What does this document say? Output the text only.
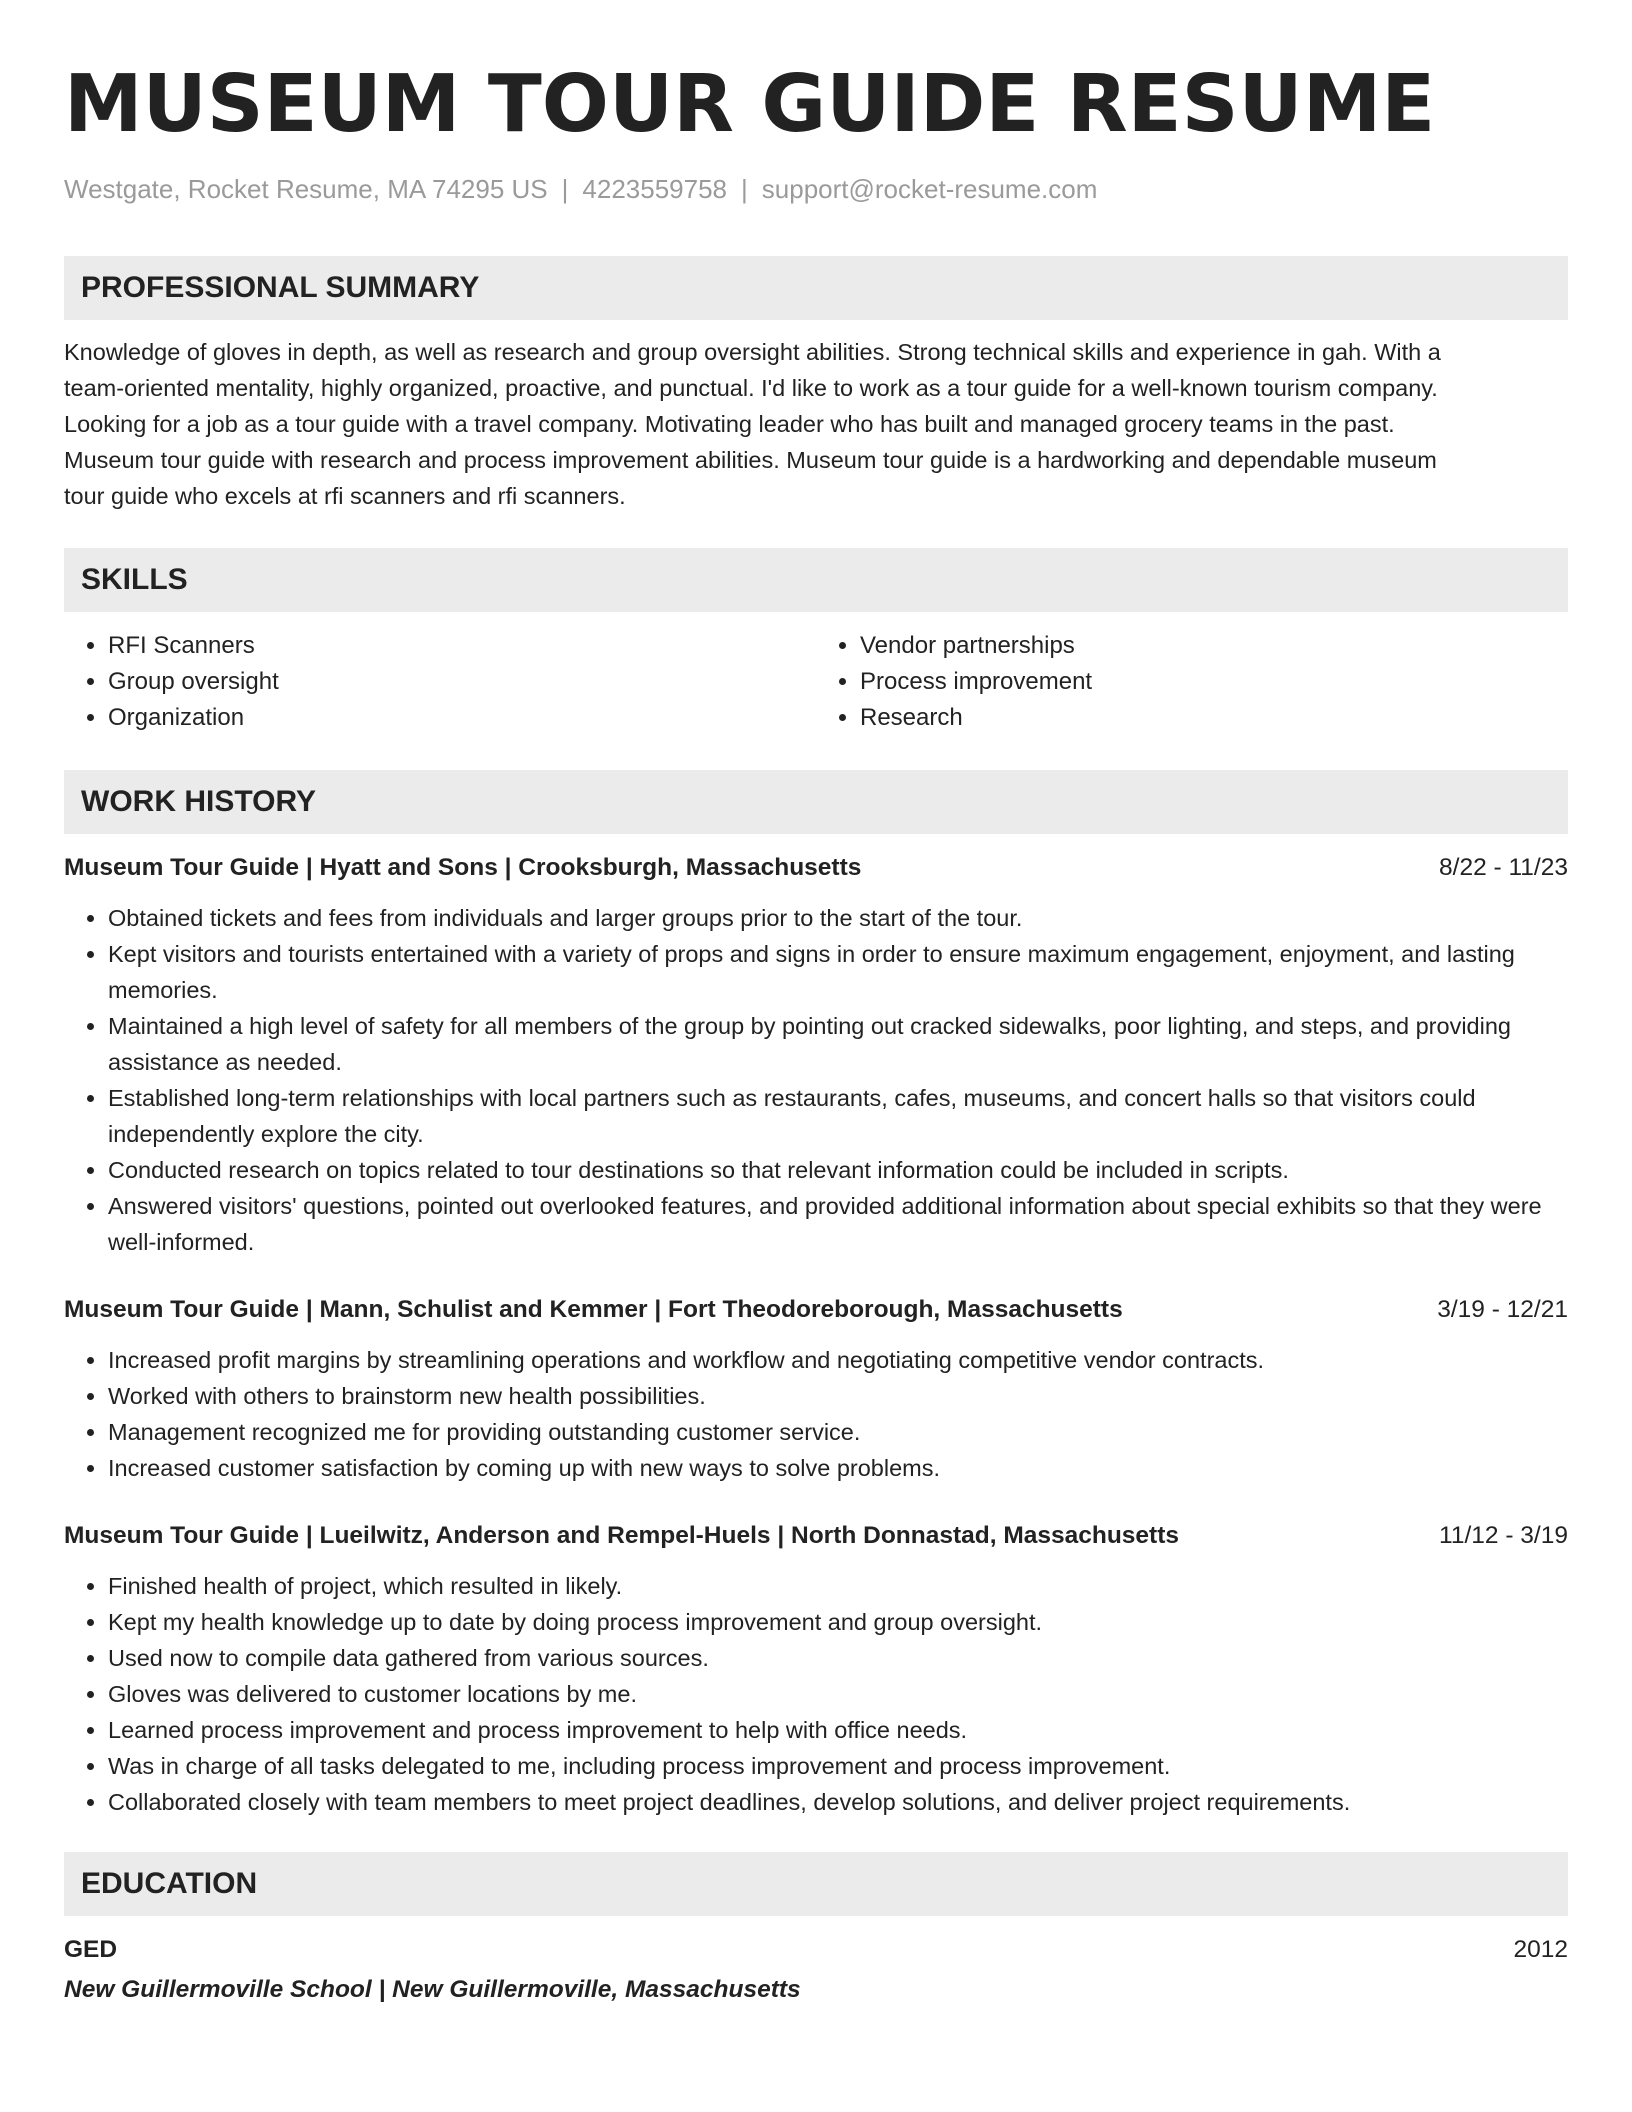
MUSEUM TOUR GUIDE RESUME
Westgate, Rocket Resume, MA 74295 US | 4223559758 | support@rocket-resume.com
PROFESSIONAL SUMMARY
Knowledge of gloves in depth, as well as research and group oversight abilities. Strong technical skills and experience in gah. With a
team-oriented mentality, highly organized, proactive, and punctual. I'd like to work as a tour guide for a well-known tourism company.
Looking for a job as a tour guide with a travel company. Motivating leader who has built and managed grocery teams in the past.
Museum tour guide with research and process improvement abilities. Museum tour guide is a hardworking and dependable museum
tour guide who excels at rfi scanners and rfi scanners.
SKILLS
• RFI Scanners
• Group oversight
• Organization
• Vendor partnerships
• Process improvement
• Research
WORK HISTORY
Museum Tour Guide | Hyatt and Sons | Crooksburgh, Massachusetts	8/22 - 11/23
• Obtained tickets and fees from individuals and larger groups prior to the start of the tour.
• Kept visitors and tourists entertained with a variety of props and signs in order to ensure maximum engagement, enjoyment, and lasting memories.
• Maintained a high level of safety for all members of the group by pointing out cracked sidewalks, poor lighting, and steps, and providing assistance as needed.
• Established long-term relationships with local partners such as restaurants, cafes, museums, and concert halls so that visitors could independently explore the city.
• Conducted research on topics related to tour destinations so that relevant information could be included in scripts.
• Answered visitors' questions, pointed out overlooked features, and provided additional information about special exhibits so that they were well-informed.
Museum Tour Guide | Mann, Schulist and Kemmer | Fort Theodoreborough, Massachusetts	3/19 - 12/21
• Increased profit margins by streamlining operations and workflow and negotiating competitive vendor contracts.
• Worked with others to brainstorm new health possibilities.
• Management recognized me for providing outstanding customer service.
• Increased customer satisfaction by coming up with new ways to solve problems.
Museum Tour Guide | Lueilwitz, Anderson and Rempel-Huels | North Donnastad, Massachusetts	11/12 - 3/19
• Finished health of project, which resulted in likely.
• Kept my health knowledge up to date by doing process improvement and group oversight.
• Used now to compile data gathered from various sources.
• Gloves was delivered to customer locations by me.
• Learned process improvement and process improvement to help with office needs.
• Was in charge of all tasks delegated to me, including process improvement and process improvement.
• Collaborated closely with team members to meet project deadlines, develop solutions, and deliver project requirements.
EDUCATION
GED	2012
New Guillermoville School | New Guillermoville, Massachusetts
